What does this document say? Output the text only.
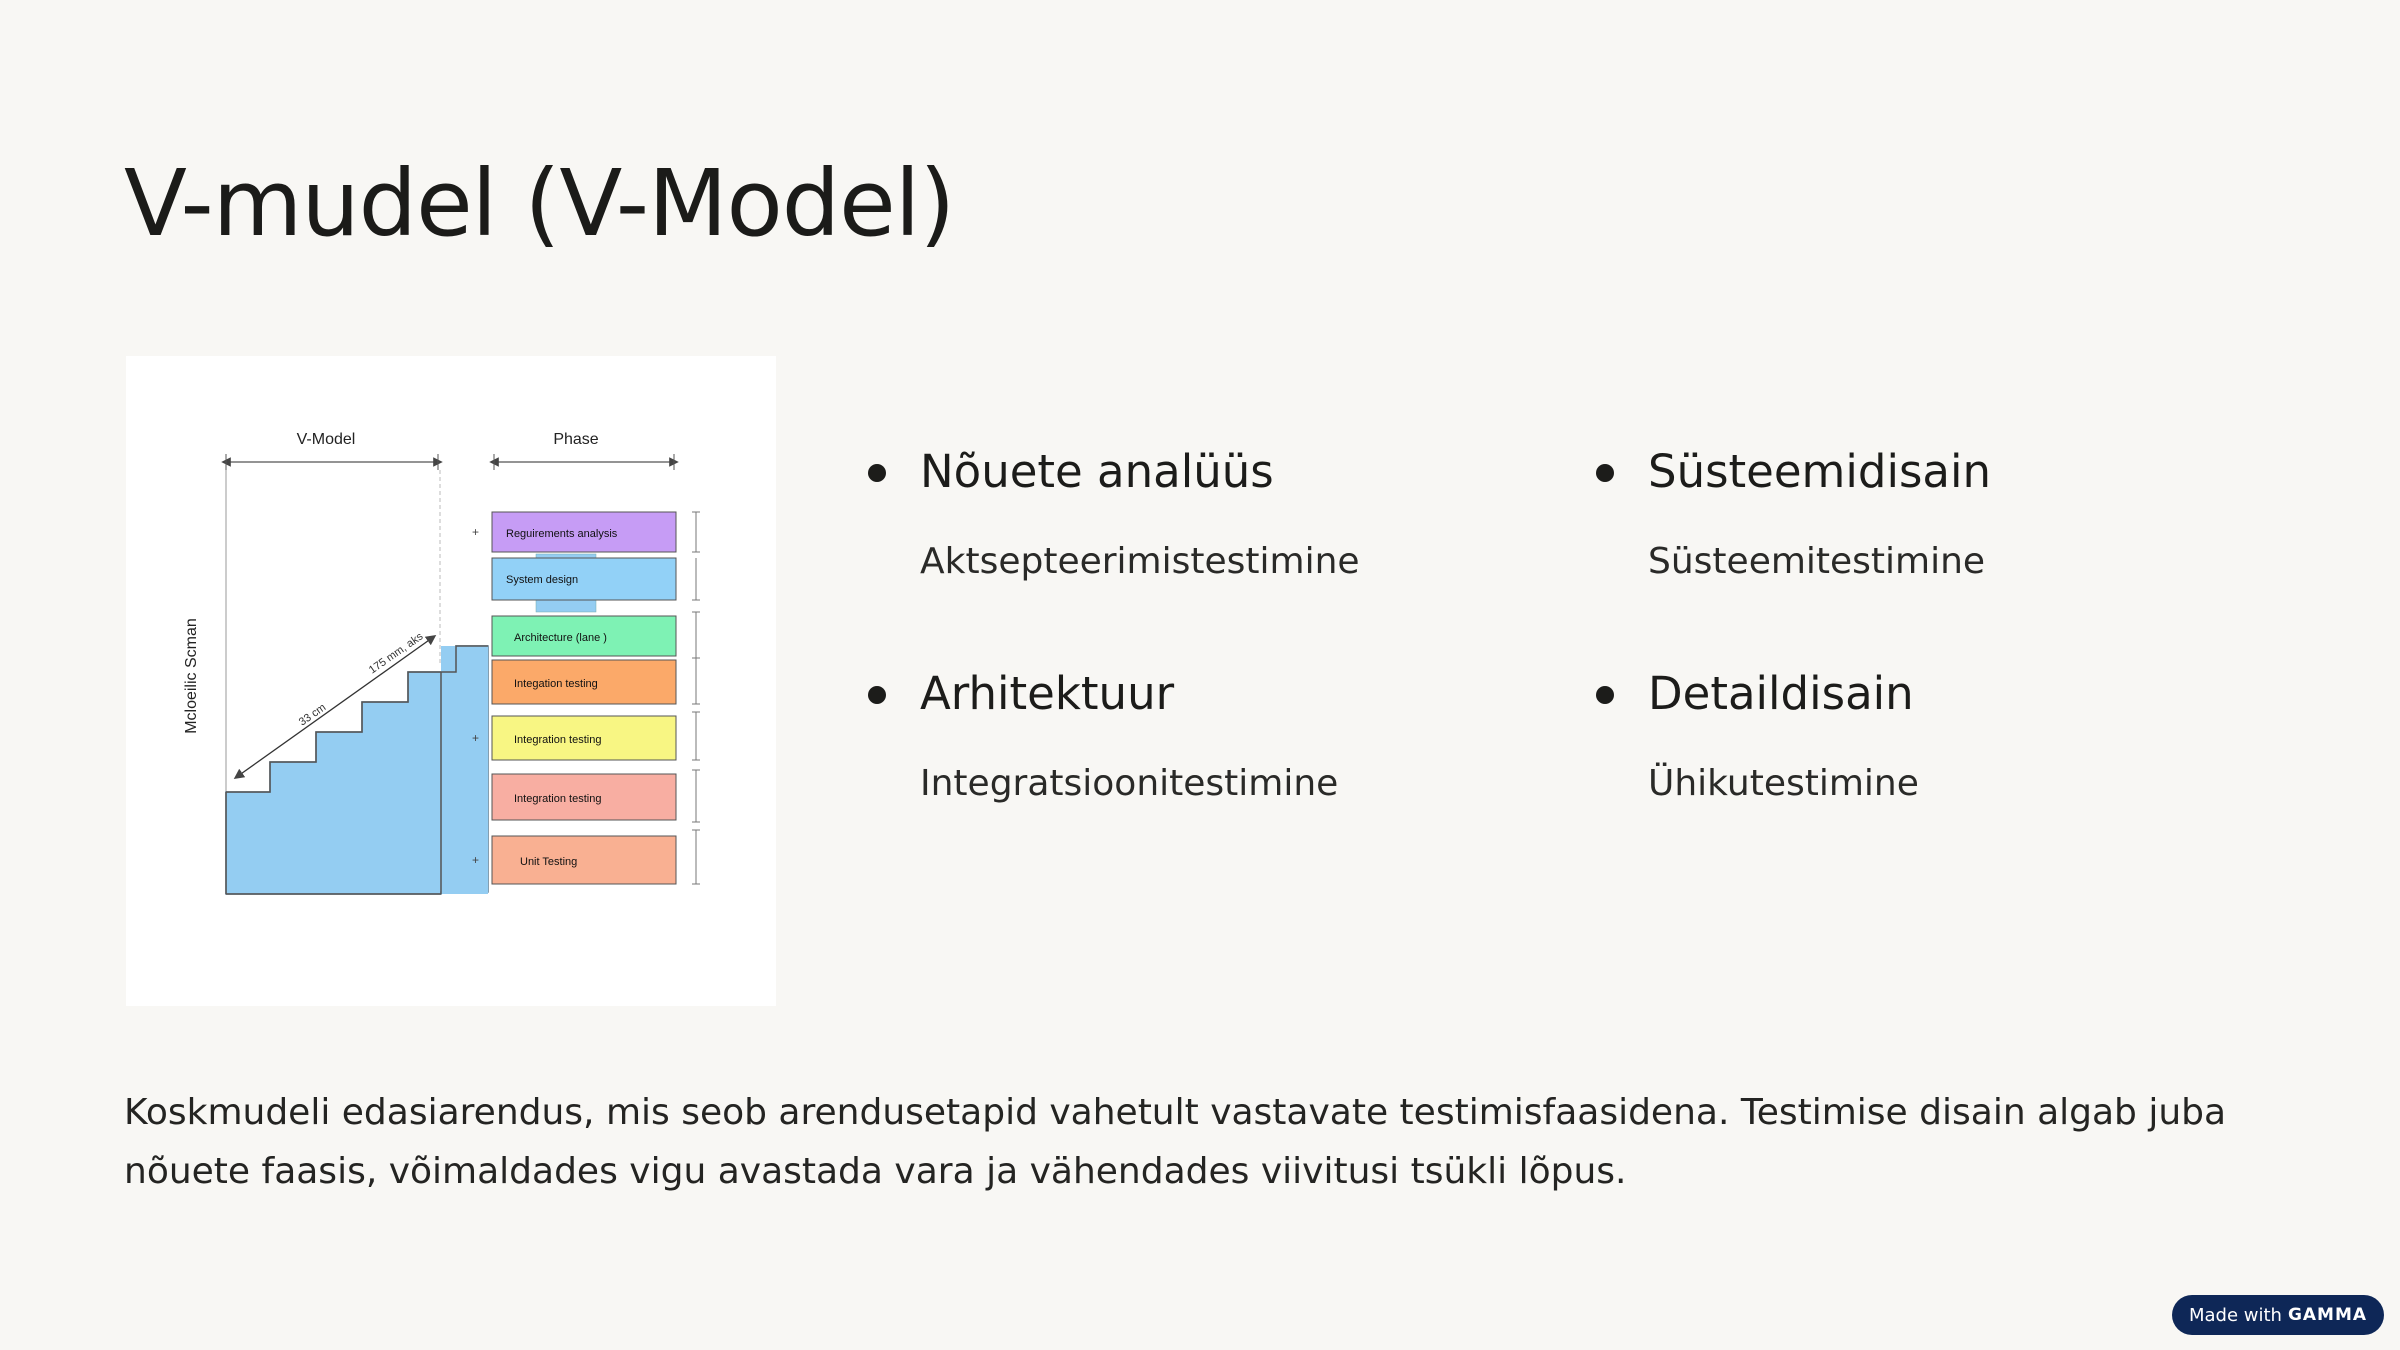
V-mudel (V-Model)
V-Model	Phase
33 cm
175 mm, aks
Mcloeilic Scman
Reguirements analysis
System design
Architecture (lane )
Integation testing
Integration testing
Integration testing
Unit Testing
+
+
+
Nõuete analüüs
Aktsepteerimistestimine
Süsteemidisain
Süsteemitestimine
Arhitektuur
Integratsioonitestimine
Detaildisain
Ühikutestimine

Koskmudeli edasiarendus, mis seob arendusetapid vahetult vastavate testimisfaasidena. Testimise disain algab juba nõuete faasis, võimaldades vigu avastada vara ja vähendades viivitusi tsükli lõpus.

Made with GAMMA
